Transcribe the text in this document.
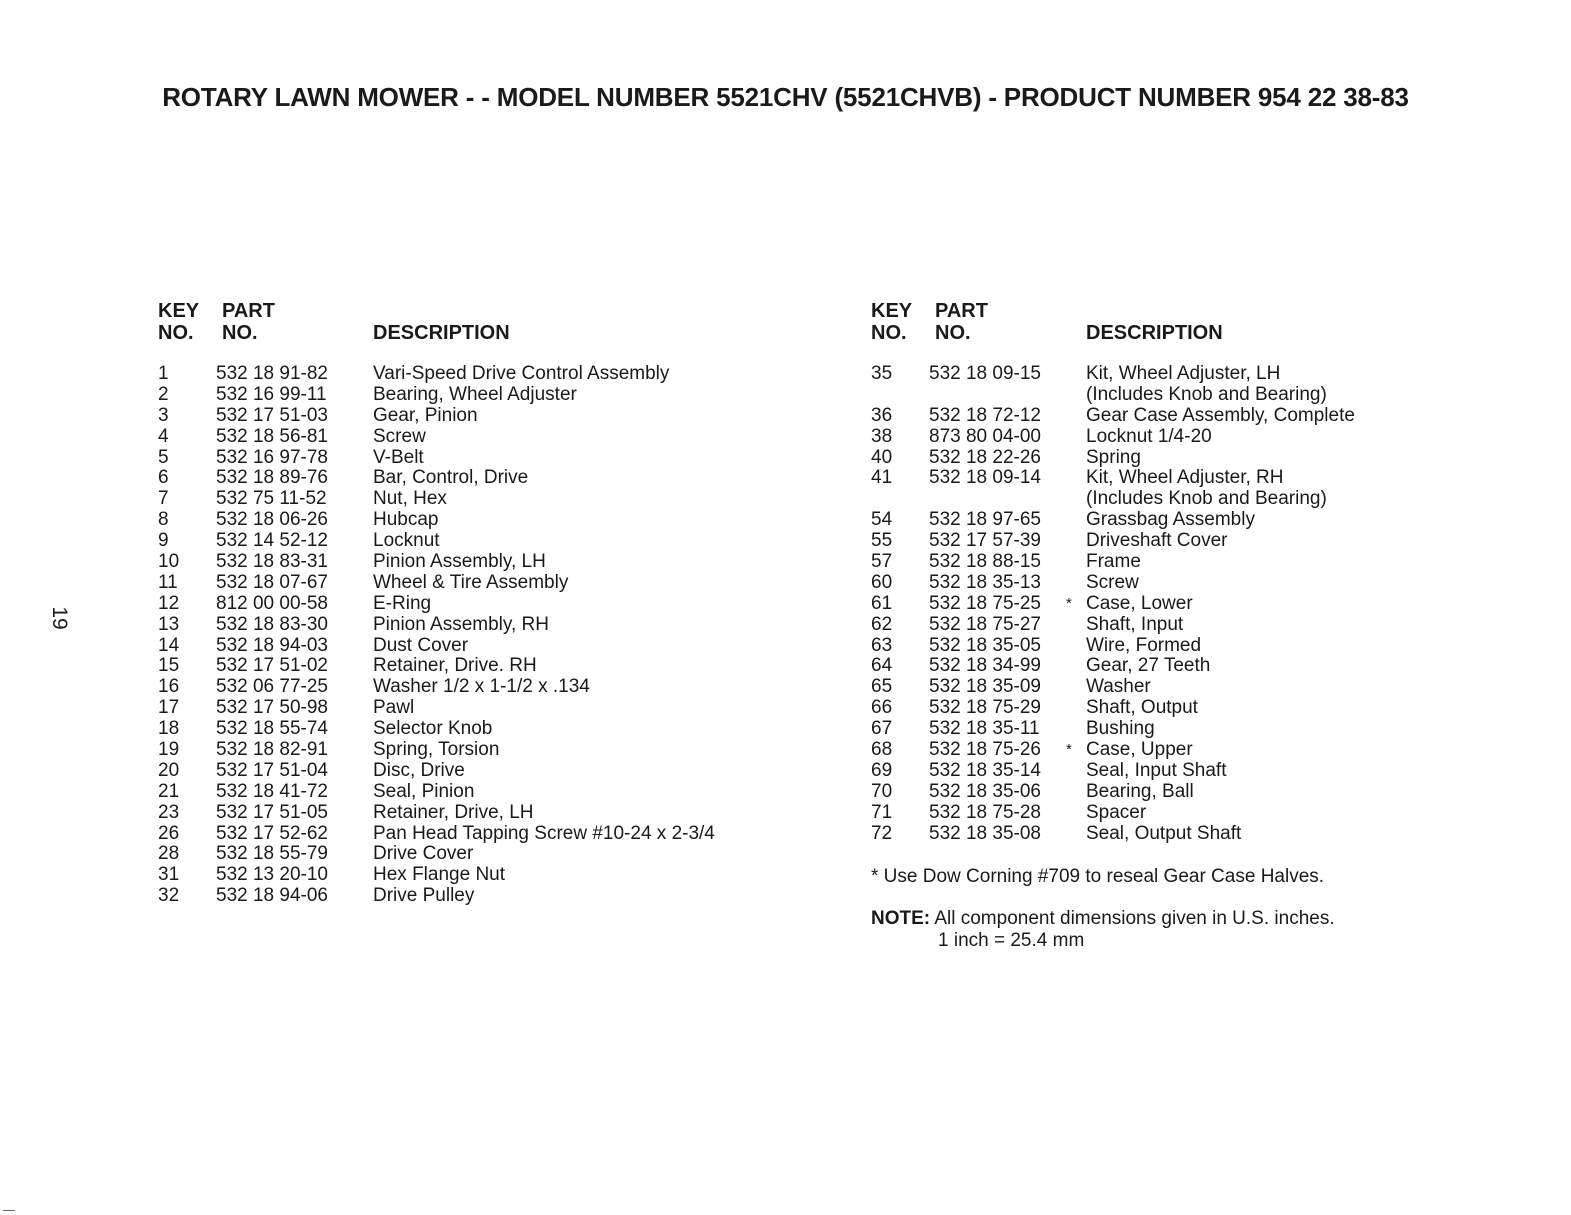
ROTARY LAWN MOWER - - MODEL NUMBER 5521CHV (5521CHVB) - PRODUCT NUMBER 954 22 38-83
19
KEY
NO.
PART
NO.	DESCRIPTION
1 532 18 91-82 Vari-Speed Drive Control Assembly
2 532 16 99-11 Bearing, Wheel Adjuster
3 532 17 51-03 Gear, Pinion
4 532 18 56-81 Screw
5 532 16 97-78 V-Belt
6 532 18 89-76 Bar, Control, Drive
7 532 75 11-52 Nut, Hex
8 532 18 06-26 Hubcap
9 532 14 52-12 Locknut
10 532 18 83-31 Pinion Assembly, LH
11 532 18 07-67 Wheel & Tire Assembly
12 812 00 00-58 E-Ring
13 532 18 83-30 Pinion Assembly, RH
14 532 18 94-03 Dust Cover
15 532 17 51-02 Retainer, Drive. RH
16 532 06 77-25 Washer 1/2 x 1-1/2 x .134
17 532 17 50-98 Pawl
18 532 18 55-74 Selector Knob
19 532 18 82-91 Spring, Torsion
20 532 17 51-04 Disc, Drive
21 532 18 41-72 Seal, Pinion
23 532 17 51-05 Retainer, Drive, LH
26 532 17 52-62 Pan Head Tapping Screw #10-24 x 2-3/4
28 532 18 55-79 Drive Cover
31 532 13 20-10 Hex Flange Nut
32 532 18 94-06 Drive Pulley
KEY
NO.
PART
NO.	DESCRIPTION
35 532 18 09-15 Kit, Wheel Adjuster, LH
(Includes Knob and Bearing)
36 532 18 72-12 Gear Case Assembly, Complete
38 873 80 04-00 Locknut 1/4-20
40 532 18 22-26 Spring
41 532 18 09-14 Kit, Wheel Adjuster, RH
(Includes Knob and Bearing)
54 532 18 97-65 Grassbag Assembly
55 532 17 57-39 Driveshaft Cover
57 532 18 88-15 Frame
60 532 18 35-13 Screw
61 532 18 75-25 * Case, Lower
62 532 18 75-27 Shaft, Input
63 532 18 35-05 Wire, Formed
64 532 18 34-99 Gear, 27 Teeth
65 532 18 35-09 Washer
66 532 18 75-29 Shaft, Output
67 532 18 35-11 Bushing
68 532 18 75-26 * Case, Upper
69 532 18 35-14 Seal, Input Shaft
70 532 18 35-06 Bearing, Ball
71 532 18 75-28 Spacer
72 532 18 35-08 Seal, Output Shaft
* Use Dow Corning #709 to reseal Gear Case Halves.
NOTE: All component dimensions given in U.S. inches.
1 inch = 25.4 mm
